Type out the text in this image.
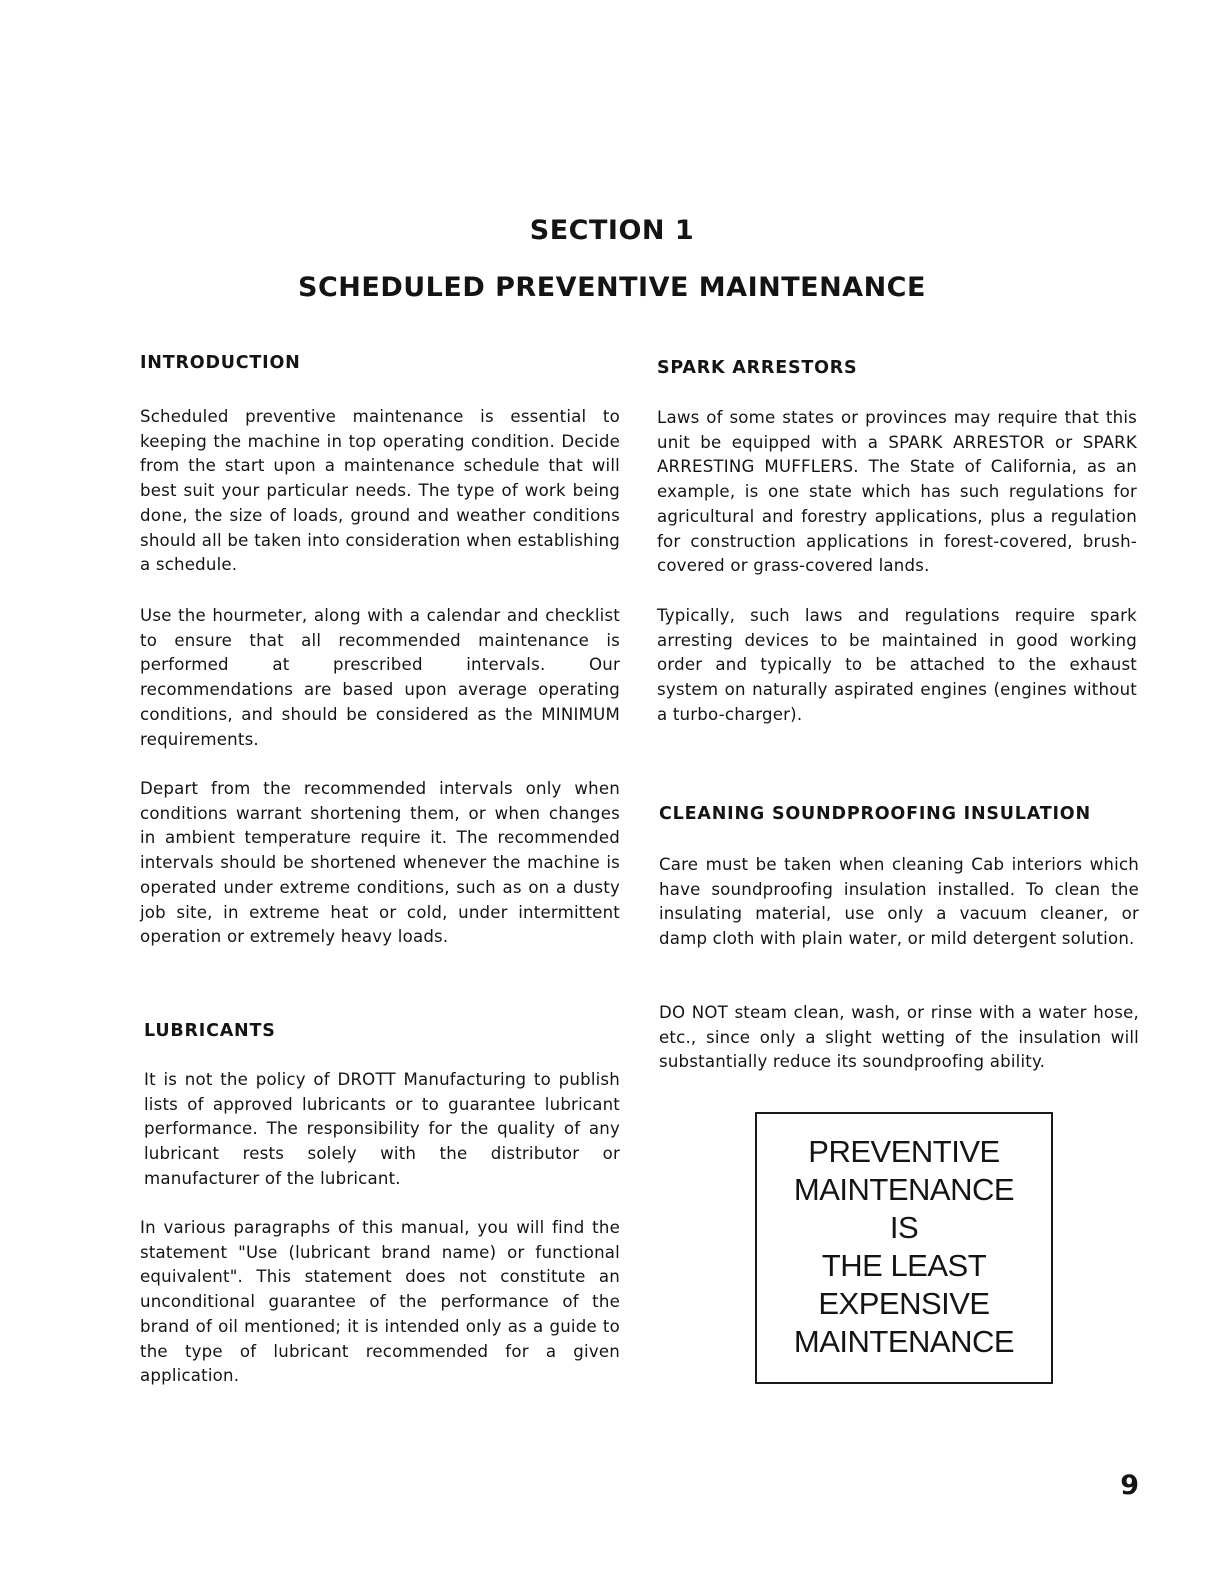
SECTION 1
SCHEDULED PREVENTIVE MAINTENANCE
INTRODUCTION

Scheduled preventive maintenance is essential to keeping the machine in top operating condition. Decide from the start upon a maintenance schedule that will best suit your particular needs. The type of work being done, the size of loads, ground and weather conditions should all be taken into consideration when establishing a schedule.

Use the hourmeter, along with a calendar and checklist to ensure that all recommended maintenance is performed at prescribed intervals. Our recommendations are based upon average operating conditions, and should be considered as the MINIMUM requirements.

Depart from the recommended intervals only when conditions warrant shortening them, or when changes in ambient temperature require it. The recommended intervals should be shortened whenever the machine is operated under extreme conditions, such as on a dusty job site, in extreme heat or cold, under intermittent operation or extremely heavy loads.

LUBRICANTS

It is not the policy of DROTT Manufacturing to publish lists of approved lubricants or to guarantee lubricant performance. The responsibility for the quality of any lubricant rests solely with the distributor or manufacturer of the lubricant.

In various paragraphs of this manual, you will find the statement "Use (lubricant brand name) or functional equivalent". This statement does not constitute an unconditional guarantee of the performance of the brand of oil mentioned; it is intended only as a guide to the type of lubricant recommended for a given application.

SPARK ARRESTORS

Laws of some states or provinces may require that this unit be equipped with a SPARK ARRESTOR or SPARK ARRESTING MUFFLERS. The State of California, as an example, is one state which has such regulations for agricultural and forestry applications, plus a regulation for construction applications in forest-covered, brush-covered or grass-covered lands.

Typically, such laws and regulations require spark arresting devices to be maintained in good working order and typically to be attached to the exhaust system on naturally aspirated engines (engines without a turbo-charger).

CLEANING SOUNDPROOFING INSULATION

Care must be taken when cleaning Cab interiors which have soundproofing insulation installed. To clean the insulating material, use only a vacuum cleaner, or damp cloth with plain water, or mild detergent solution.

DO NOT steam clean, wash, or rinse with a water hose, etc., since only a slight wetting of the insulation will substantially reduce its soundproofing ability.

PREVENTIVE

MAINTENANCE

IS

THE LEAST

EXPENSIVE

MAINTENANCE

9
